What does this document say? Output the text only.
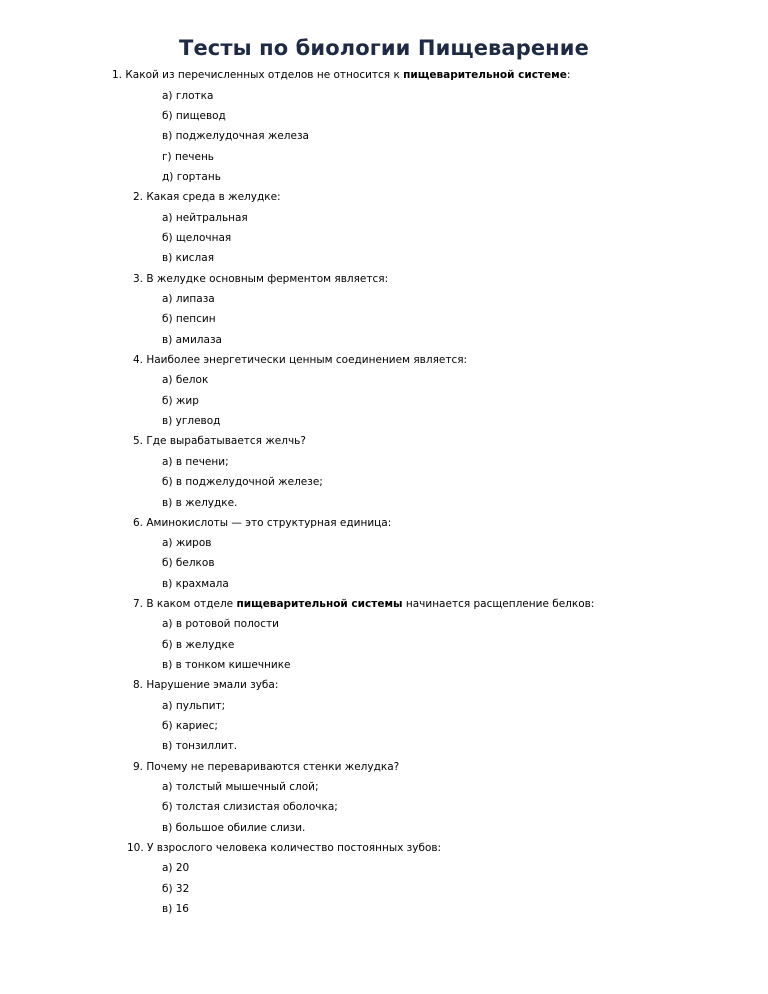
Тесты по биологии Пищеварение
1. Какой из перечисленных отделов не относится к пищеварительной системе:
а) глотка
б) пищевод
в) поджелудочная железа
г) печень
д) гортань
2. Какая среда в желудке:
а) нейтральная
б) щелочная
в) кислая
3. В желудке основным ферментом является:
а) липаза
б) пепсин
в) амилаза
4. Наиболее энергетически ценным соединением является:
а) белок
б) жир
в) углевод
5. Где вырабатывается желчь?
а) в печени;
б) в поджелудочной железе;
в) в желудке.
6. Аминокислоты — это структурная единица:
а) жиров
б) белков
в) крахмала
7. В каком отделе пищеварительной системы начинается расщепление белков:
а) в ротовой полости
б) в желудке
в) в тонком кишечнике
8. Нарушение эмали зуба:
а) пульпит;
б) кариес;
в) тонзиллит.
9. Почему не перевариваются стенки желудка?
а) толстый мышечный слой;
б) толстая слизистая оболочка;
в) большое обилие слизи.
10. У взрослого человека количество постоянных зубов:
а) 20
б) 32
в) 16
